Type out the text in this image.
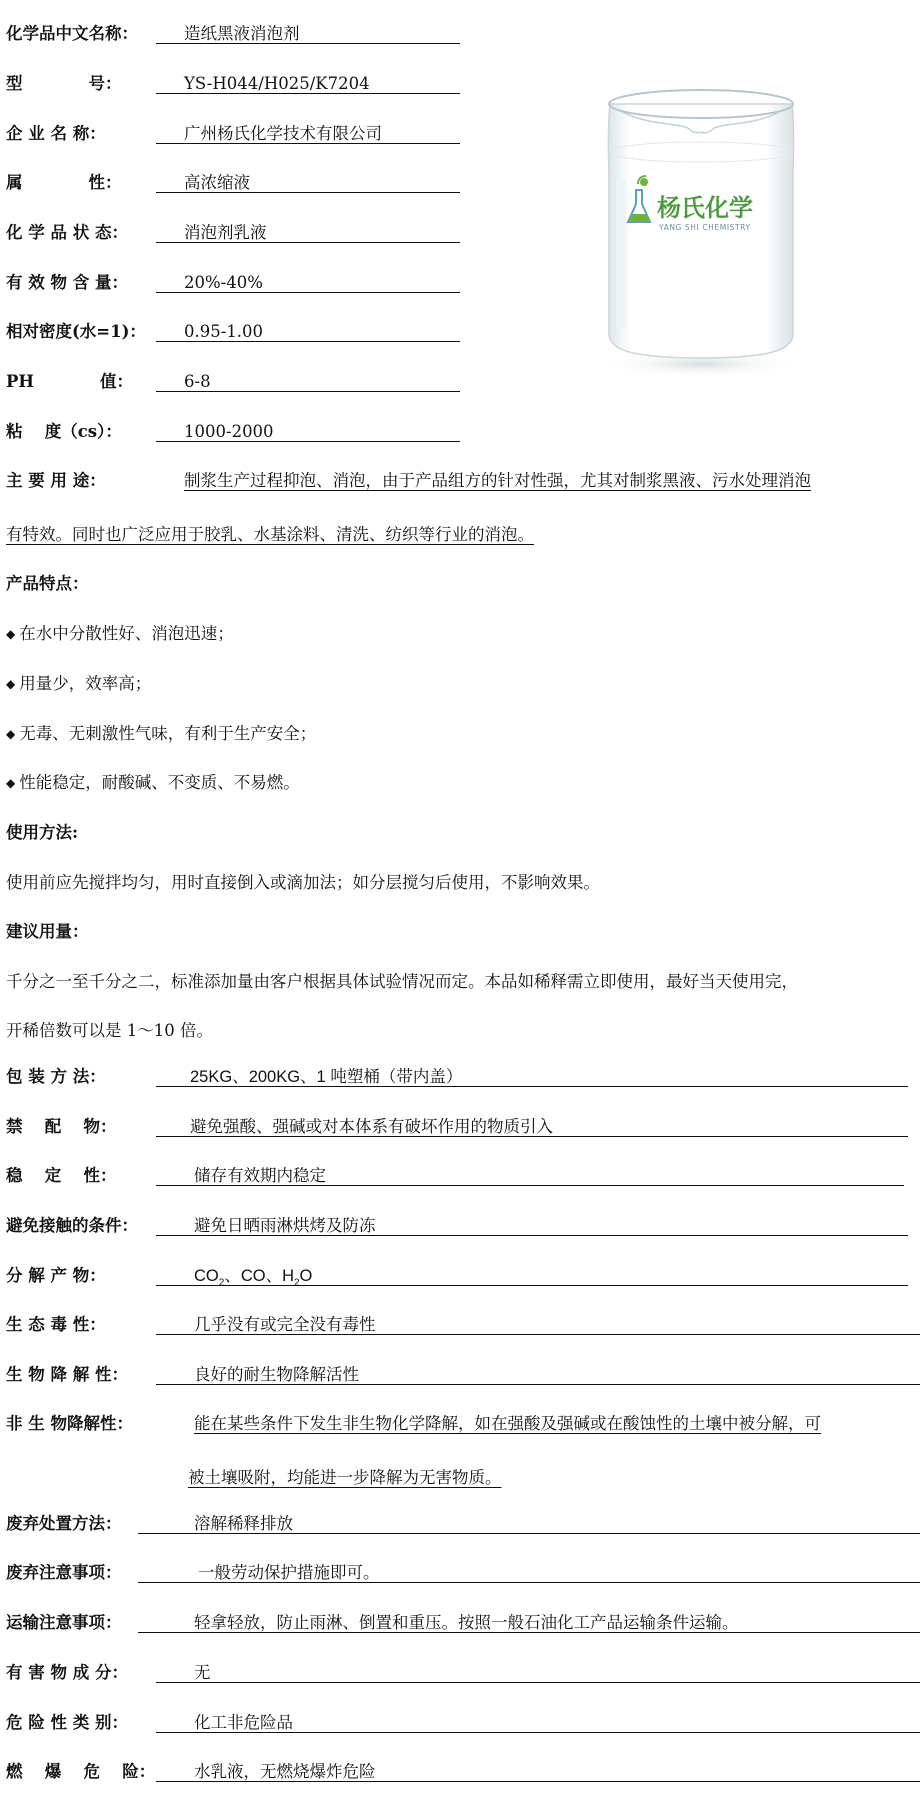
化学品中文名称：	造纸黑液消泡剂
型　　　　号：	YS-H044/H025/K7204
企 业 名 称：	广州杨氏化学技术有限公司
属　　　　性：	高浓缩液
化 学 品 状 态：	消泡剂乳液
有 效 物 含 量：	20%-40%
相对密度(水=1)：	0.95-1.00
PH　　　　值：	6-8
粘　 度（cs）：	1000-2000
杨氏化学
YANG SHI CHEMISTRY
主 要 用 途：	制浆生产过程抑泡、消泡，由于产品组方的针对性强，尤其对制浆黑液、污水处理消泡
有特效。同时也广泛应用于胶乳、水基涂料、清洗、纺织等行业的消泡。
产品特点：
◆ 在水中分散性好、消泡迅速；
◆ 用量少，效率高；
◆ 无毒、无刺激性气味，有利于生产安全；
◆ 性能稳定，耐酸碱、不变质、不易燃。
使用方法:
使用前应先搅拌均匀，用时直接倒入或滴加法；如分层搅匀后使用，不影响效果。
建议用量：
千分之一至千分之二，标准添加量由客户根据具体试验情况而定。本品如稀释需立即使用，最好当天使用完，
开稀倍数可以是 1～10 倍。
包 装 方 法：	25KG、200KG、1 吨塑桶（带内盖）
禁　 配　 物：	避免强酸、强碱或对本体系有破坏作用的物质引入
稳　 定　 性：	储存有效期内稳定
避免接触的条件：	避免日晒雨淋烘烤及防冻
分 解 产 物：	$CO_2$、CO、$H_2O$
生 态 毒 性：	几乎没有或完全没有毒性
生 物 降 解 性：	良好的耐生物降解活性
非 生 物降解性：	能在某些条件下发生非生物化学降解，如在强酸及强碱或在酸蚀性的土壤中被分解，可
被土壤吸附，均能进一步降解为无害物质。
废弃处置方法：	溶解稀释排放
废弃注意事项：	一般劳动保护措施即可。
运输注意事项：	轻拿轻放，防止雨淋、倒置和重压。按照一般石油化工产品运输条件运输。
有 害 物 成 分：	无
危 险 性 类 别：	化工非危险品
燃　 爆　 危　 险：	水乳液，无燃烧爆炸危险
